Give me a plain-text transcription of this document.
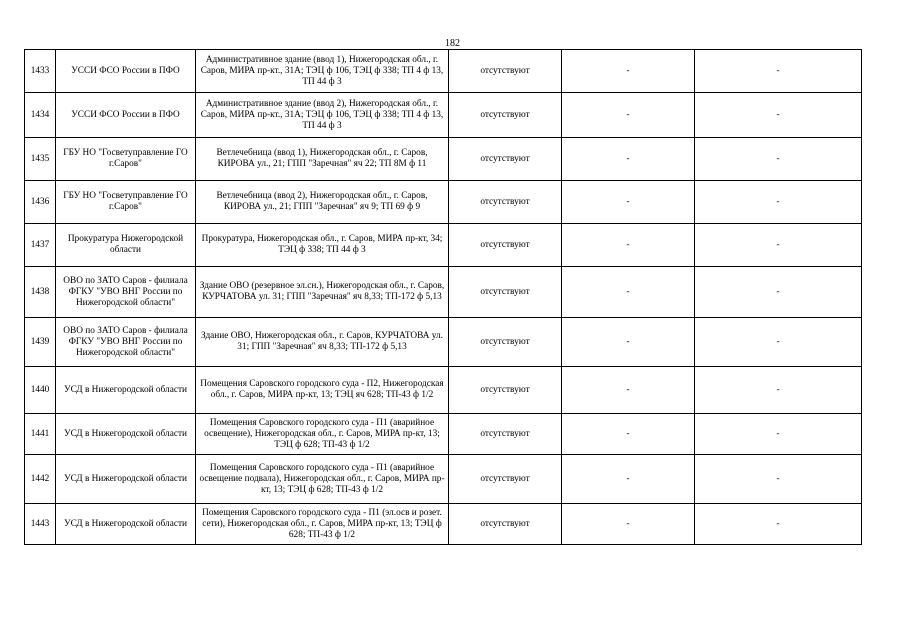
182
1433	УССИ ФСО России в ПФО	Административное здание (ввод 1), Нижегородская обл., г. Саров, МИРА пр-кт., 31А; ТЭЦ ф 106, ТЭЦ ф 338; ТП 4 ф 13, ТП 44 ф 3	отсутствуют	-	-
1434	УССИ ФСО России в ПФО	Административное здание (ввод 2), Нижегородская обл., г. Саров, МИРА пр-кт., 31А; ТЭЦ ф 106, ТЭЦ ф 338; ТП 4 ф 13, ТП 44 ф 3	отсутствуют	-	-
1435	ГБУ НО "Госветуправление ГО г.Саров"	Ветлечебница (ввод 1), Нижегородская обл., г. Саров, КИРОВА ул., 21; ГПП "Заречная" яч 22; ТП 8М ф 11	отсутствуют	-	-
1436	ГБУ НО "Госветуправление ГО г.Саров"	Ветлечебница (ввод 2), Нижегородская обл., г. Саров, КИРОВА ул., 21; ГПП "Заречная" яч 9; ТП 69 ф 9	отсутствуют	-	-
1437	Прокуратура Нижегородской области	Прокуратура, Нижегородская обл., г. Саров, МИРА пр-кт, 34; ТЭЦ ф 338; ТП 44 ф 3	отсутствуют	-	-
1438	ОВО по ЗАТО Саров - филиала ФГКУ "УВО ВНГ России по Нижегородской области"	Здание ОВО (резервное эл.сн.), Нижегородская обл., г. Саров, КУРЧАТОВА ул. 31; ГПП "Заречная" яч 8,33; ТП-172 ф 5,13	отсутствуют	-	-
1439	ОВО по ЗАТО Саров - филиала ФГКУ "УВО ВНГ России по Нижегородской области"	Здание ОВО, Нижегородская обл., г. Саров, КУРЧАТОВА ул. 31; ГПП "Заречная" яч 8,33; ТП-172 ф 5,13	отсутствуют	-	-
1440	УСД в Нижегородской области	Помещения Саровского городского суда - П2, Нижегородская обл., г. Саров, МИРА пр-кт, 13; ТЭЦ яч 628; ТП-43 ф 1/2	отсутствуют	-	-
1441	УСД в Нижегородской области	Помещения Саровского городского суда - П1 (аварийное освещение), Нижегородская обл., г. Саров, МИРА пр-кт, 13; ТЭЦ ф 628; ТП-43 ф 1/2	отсутствуют	-	-
1442	УСД в Нижегородской области	Помещения Саровского городского суда - П1 (аварийное освещение подвала), Нижегородская обл., г. Саров, МИРА пр-кт, 13; ТЭЦ ф 628; ТП-43 ф 1/2	отсутствуют	-	-
1443	УСД в Нижегородской области	Помещения Саровского городского суда - П1 (эл.осв и розет. сети), Нижегородская обл., г. Саров, МИРА пр-кт, 13; ТЭЦ ф 628; ТП-43 ф 1/2	отсутствуют	-	-
